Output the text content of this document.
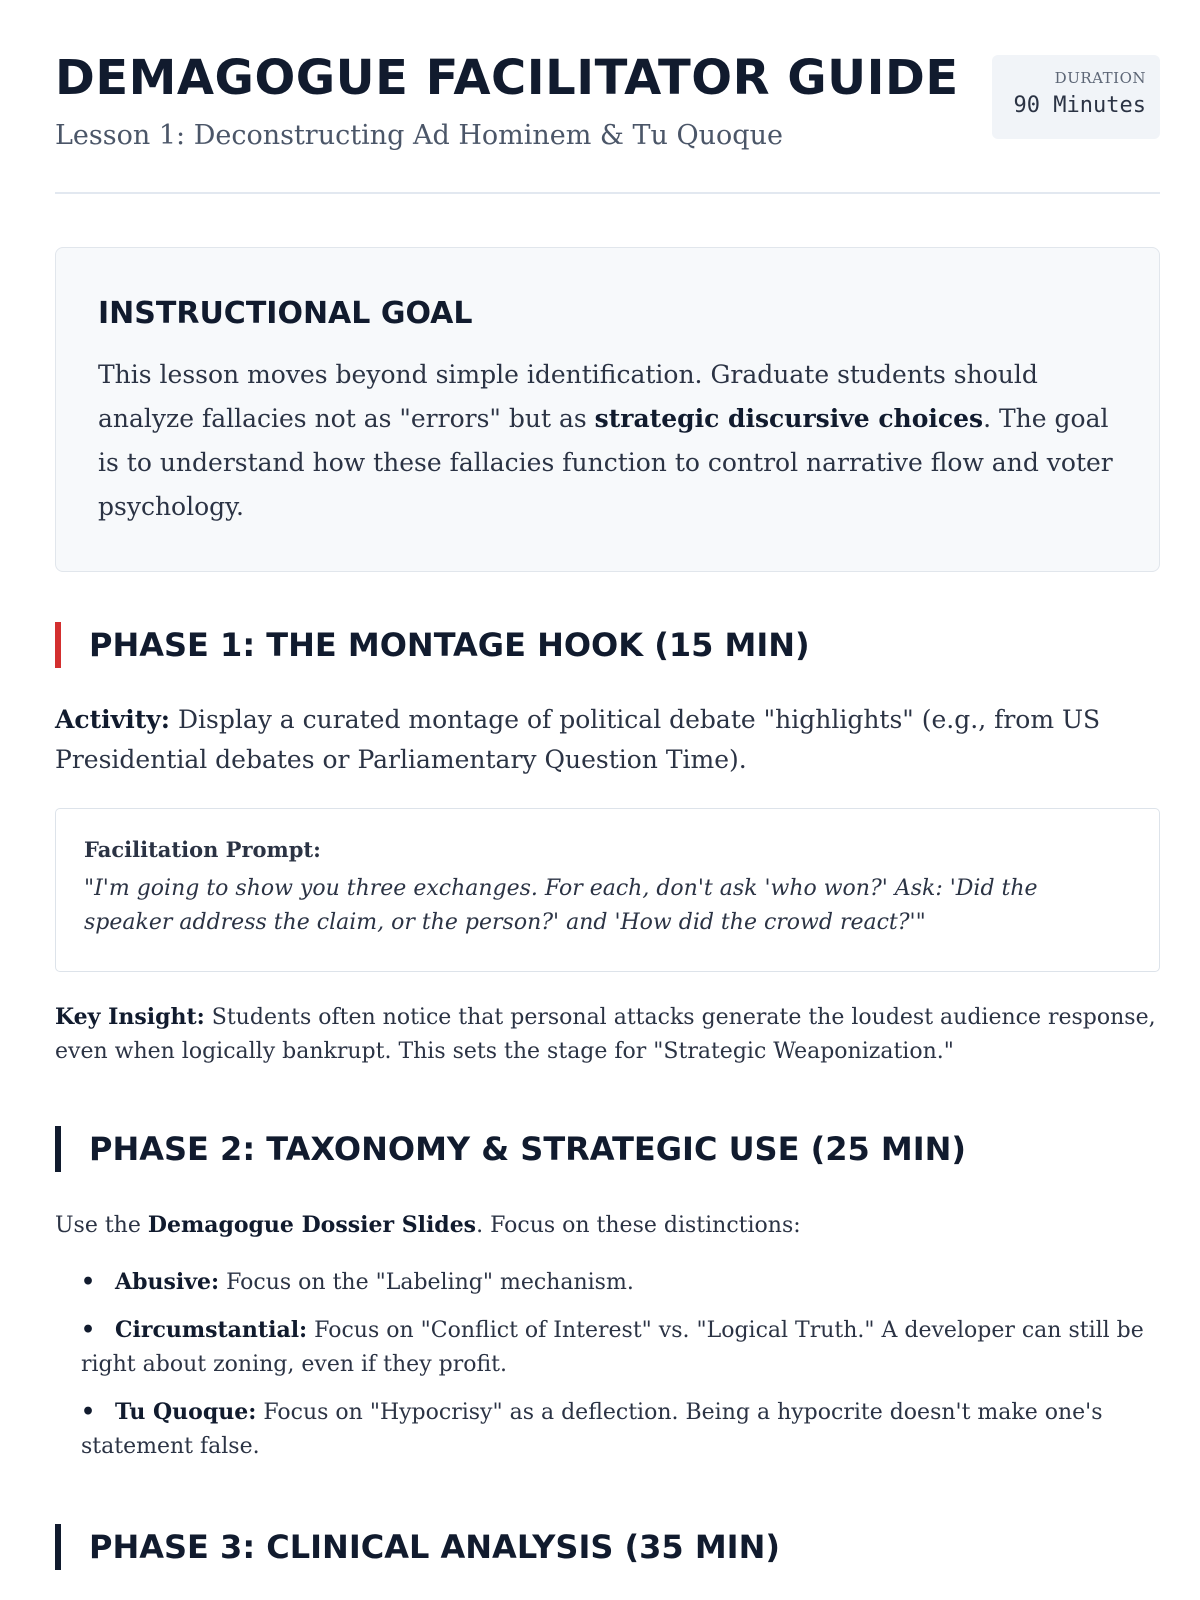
DEMAGOGUE FACILITATOR GUIDE
Lesson 1: Deconstructing Ad Hominem & Tu Quoque
DURATION
90 Minutes
INSTRUCTIONAL GOAL

This lesson moves beyond simple identification. Graduate students should analyze fallacies not as "errors" but as strategic discursive choices. The goal is to understand how these fallacies function to control narrative flow and voter psychology.

PHASE 1: THE MONTAGE HOOK (15 MIN)

Activity: Display a curated montage of political debate "highlights" (e.g., from US Presidential debates or Parliamentary Question Time).

Facilitation Prompt:
"I'm going to show you three exchanges. For each, don't ask 'who won?' Ask: 'Did the speaker address the claim, or the person?' and 'How did the crowd react?'"

Key Insight: Students often notice that personal attacks generate the loudest audience response, even when logically bankrupt. This sets the stage for "Strategic Weaponization."

PHASE 2: TAXONOMY & STRATEGIC USE (25 MIN)

Use the Demagogue Dossier Slides. Focus on these distinctions:

• Abusive: Focus on the "Labeling" mechanism.
• Circumstantial: Focus on "Conflict of Interest" vs. "Logical Truth." A developer can still be right about zoning, even if they profit.
• Tu Quoque: Focus on "Hypocrisy" as a deflection. Being a hypocrite doesn't make one's statement false.
PHASE 3: CLINICAL ANALYSIS (35 MIN)
